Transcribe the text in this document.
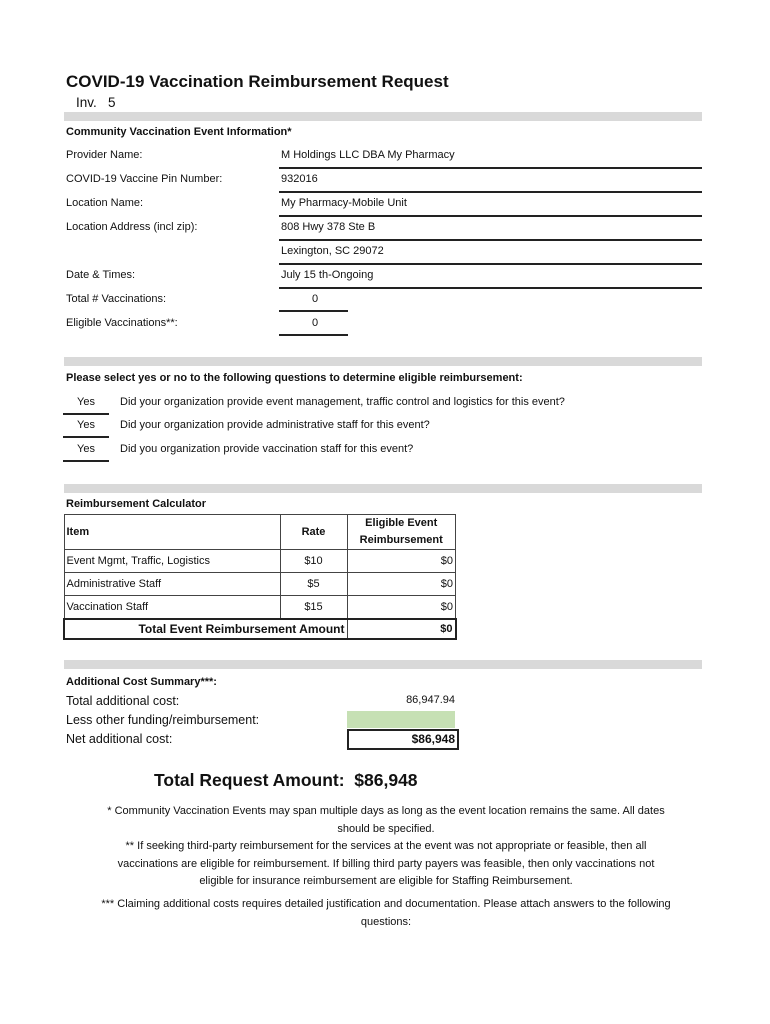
COVID-19 Vaccination Reimbursement Request
Inv. 5
Community Vaccination Event Information*
Provider Name:	M Holdings LLC DBA My Pharmacy
COVID-19 Vaccine Pin Number:	932016
Location Name:	My Pharmacy-Mobile Unit
Location Address (incl zip):	808 Hwy 378 Ste B
Lexington, SC 29072
Date & Times:	July 15 th-Ongoing
Total # Vaccinations:	0
Eligible Vaccinations**:	0
Please select yes or no to the following questions to determine eligible reimbursement:
Yes	Did your organization provide event management, traffic control and logistics for this event?
Yes	Did your organization provide administrative staff for this event?
Yes	Did you organization provide vaccination staff for this event?
Reimbursement Calculator
Item	Rate	Eligible Event
Reimbursement
Event Mgmt, Traffic, Logistics	$10	$0
Administrative Staff	$5	$0
Vaccination Staff	$15	$0
Total Event Reimbursement Amount		$0
Additional Cost Summary***:
Total additional cost:	86,947.94
Less other funding/reimbursement:
Net additional cost:	$86,948
Total Request Amount: $86,948
* Community Vaccination Events may span multiple days as long as the event location remains the same. All dates
should be specified.
** If seeking third-party reimbursement for the services at the event was not appropriate or feasible, then all
vaccinations are eligible for reimbursement. If billing third party payers was feasible, then only vaccinations not
eligible for insurance reimbursement are eligible for Staffing Reimbursement.
*** Claiming additional costs requires detailed justification and documentation. Please attach answers to the following
questions:
